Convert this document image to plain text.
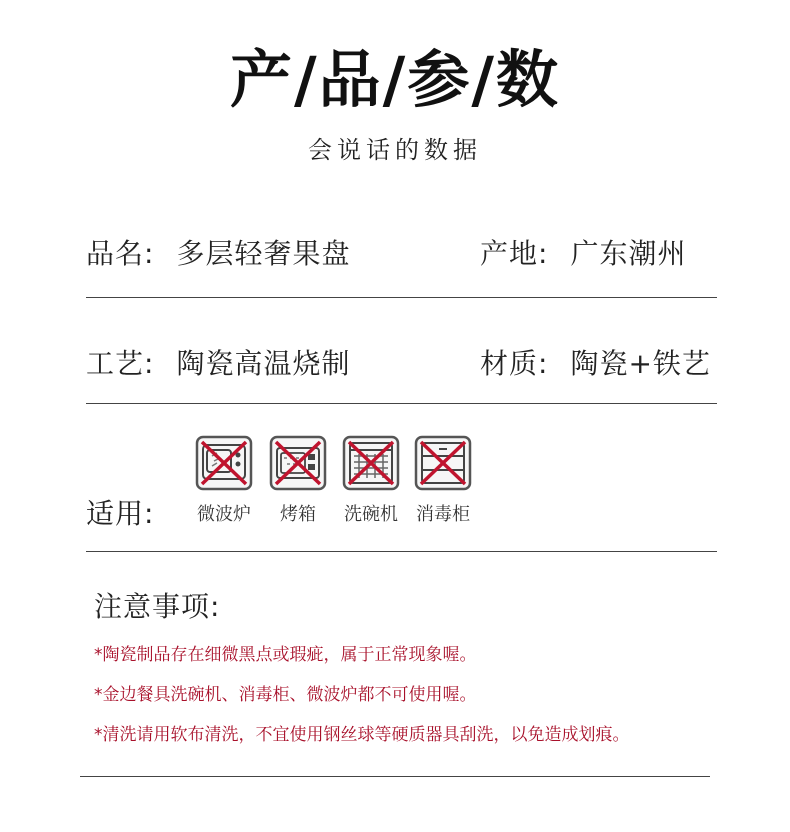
产/品/参/数
会说话的数据
品名: 多层轻奢果盘	产地: 广东潮州
工艺: 陶瓷高温烧制	材质: 陶瓷+铁艺
适用:	微波炉	烤箱	洗碗机	消毒柜
注意事项:
*陶瓷制品存在细微黑点或瑕疵，属于正常现象喔。
*金边餐具洗碗机、消毒柜、微波炉都不可使用喔。
*清洗请用软布清洗，不宜使用钢丝球等硬质器具刮洗，以免造成划痕。
